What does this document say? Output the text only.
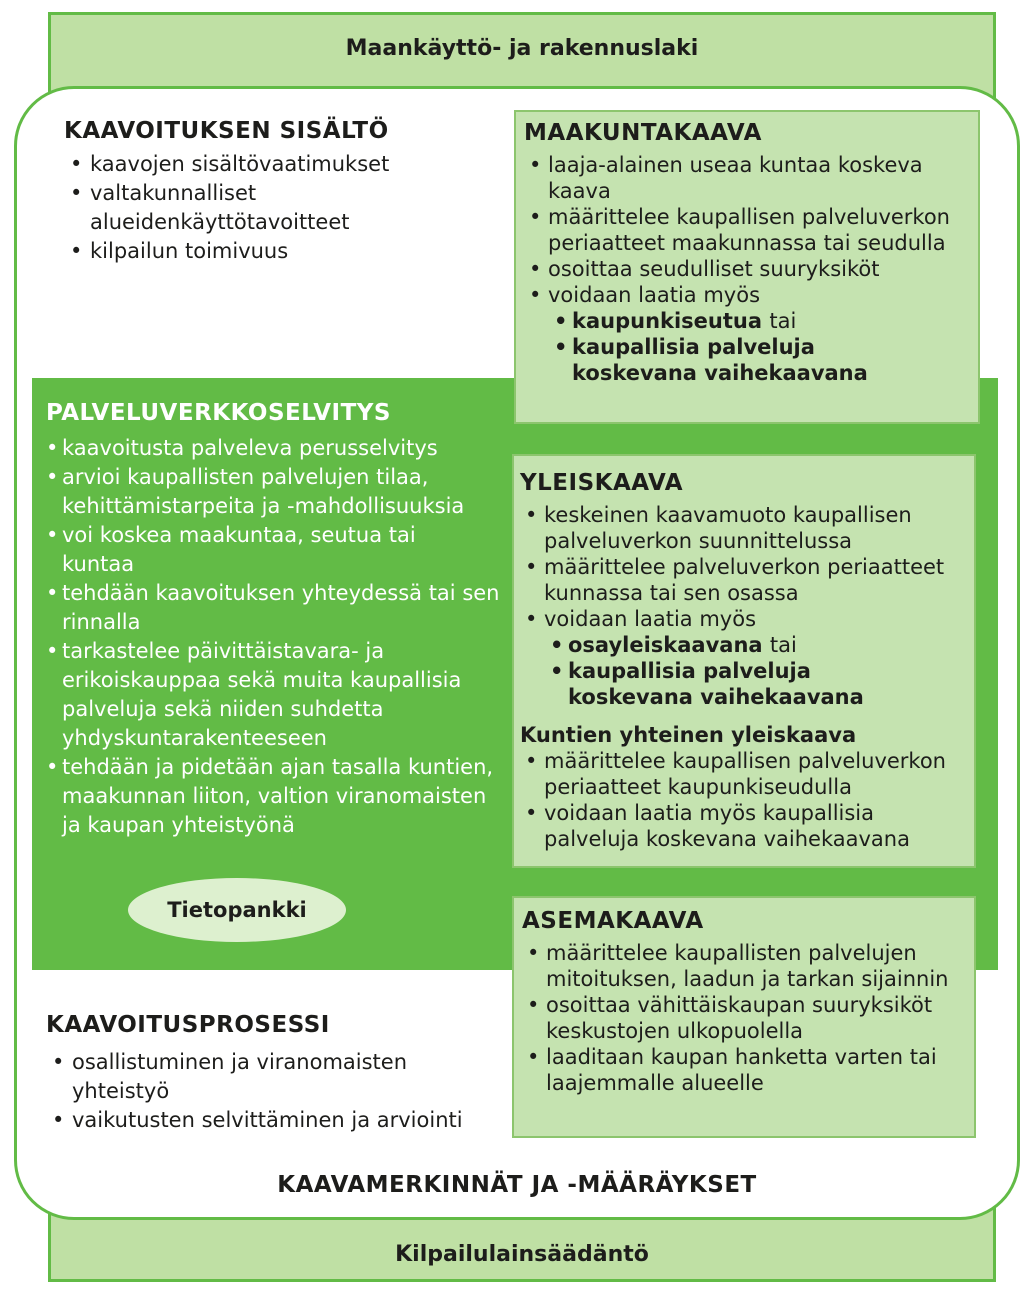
Maankäyttö- ja rakennuslaki
Kilpailulainsäädäntö
KAAVOITUKSEN SISÄLTÖ
• kaavojen sisältövaatimukset
• valtakunnalliset alueidenkäyttötavoitteet
• kilpailun toimivuus
MAAKUNTAKAAVA
• laaja-alainen useaa kuntaa koskeva kaava
• määrittelee kaupallisen palveluverkon periaatteet maakunnassa tai seudulla
• osoittaa seudulliset suuryksiköt
• voidaan laatia myös
• kaupunkiseutua tai
• kaupallisia palveluja koskevana vaihekaavana
PALVELUVERKKOSELVITYS
• kaavoitusta palveleva perusselvitys
• arvioi kaupallisten palvelujen tilaa, kehittämistarpeita ja -mahdollisuuksia
• voi koskea maakuntaa, seutua tai kuntaa
• tehdään kaavoituksen yhteydessä tai sen rinnalla
• tarkastelee päivittäistavara- ja erikoiskauppaa sekä muita kaupallisia palveluja sekä niiden suhdetta yhdyskuntarakenteeseen
• tehdään ja pidetään ajan tasalla kuntien, maakunnan liiton, valtion viranomaisten ja kaupan yhteistyönä
Tietopankki
YLEISKAAVA
• keskeinen kaavamuoto kaupallisen palveluverkon suunnittelussa
• määrittelee palveluverkon periaatteet kunnassa tai sen osassa
• voidaan laatia myös
• osayleiskaavana tai
• kaupallisia palveluja koskevana vaihekaavana
Kuntien yhteinen yleiskaava
• määrittelee kaupallisen palveluverkon periaatteet kaupunkiseudulla
• voidaan laatia myös kaupallisia palveluja koskevana vaihekaavana
ASEMAKAAVA
• määrittelee kaupallisten palvelujen mitoituksen, laadun ja tarkan sijainnin
• osoittaa vähittäiskaupan suuryksiköt keskustojen ulkopuolella
• laaditaan kaupan hanketta varten tai laajemmalle alueelle
KAAVOITUSPROSESSI
• osallistuminen ja viranomaisten yhteistyö
• vaikutusten selvittäminen ja arviointi
KAAVAMERKINNÄT JA -MÄÄRÄYKSET
